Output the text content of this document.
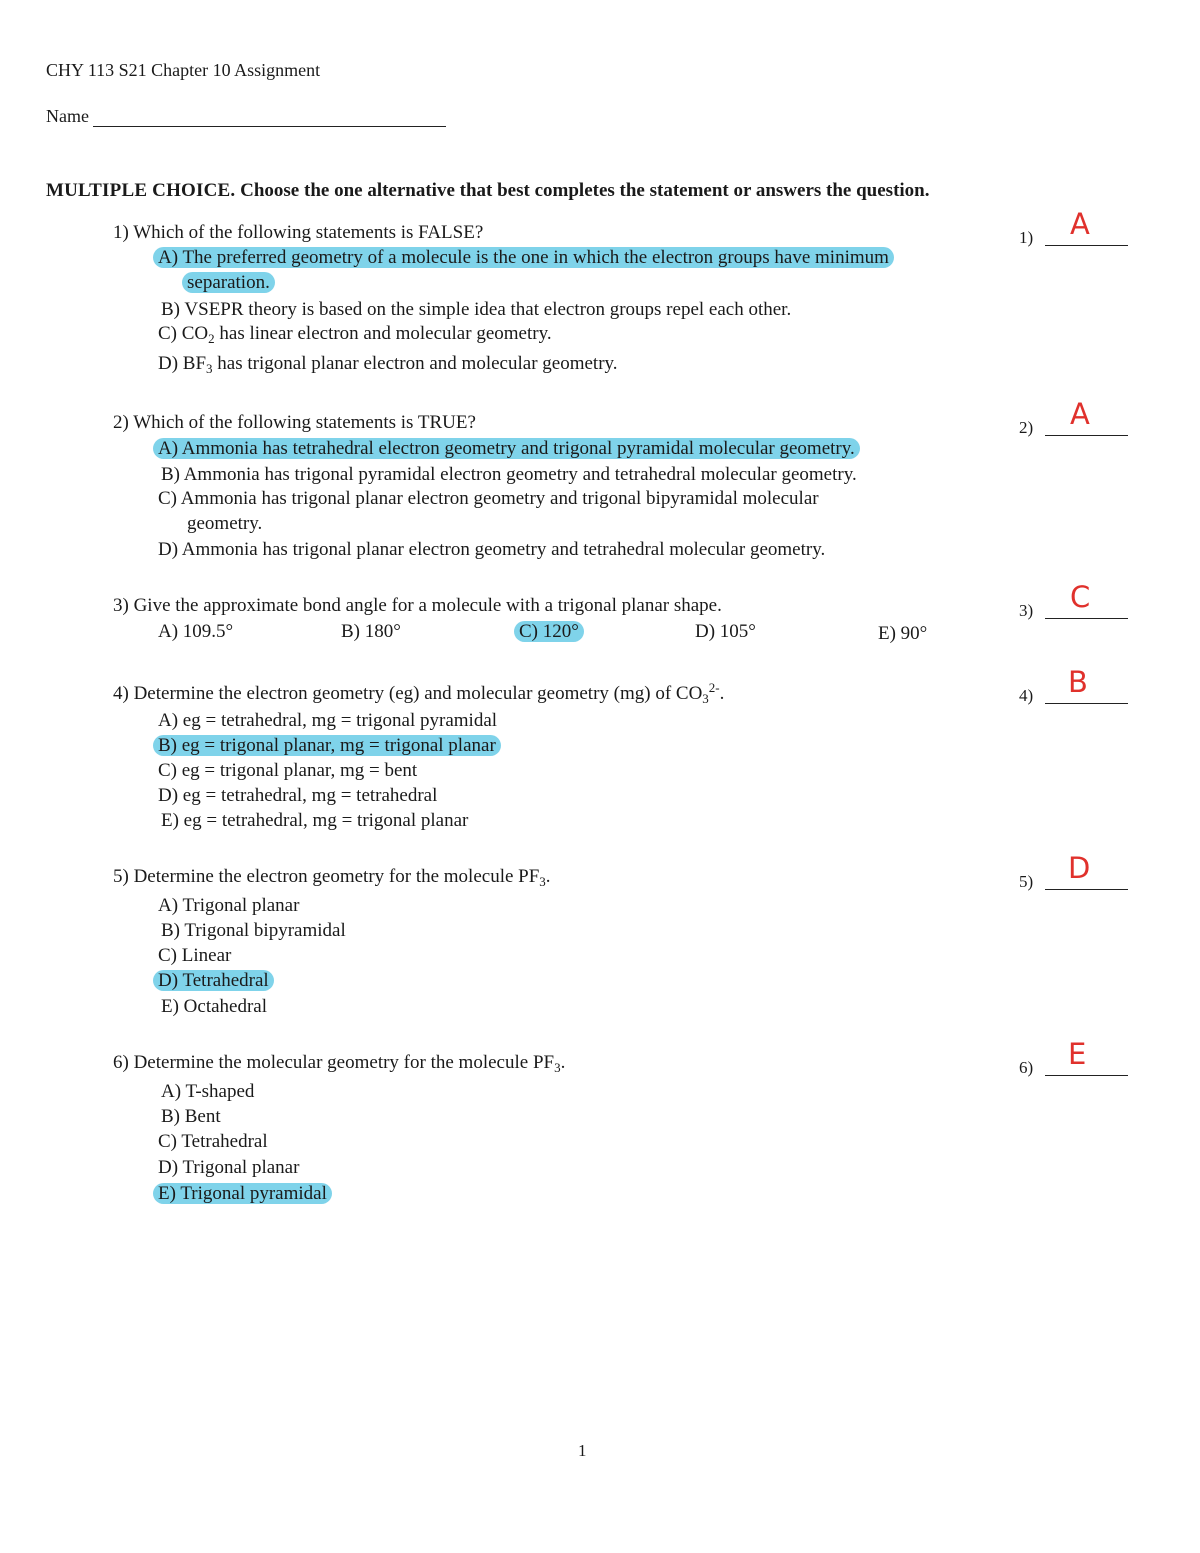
CHY 113 S21 Chapter 10 Assignment
Name
MULTIPLE CHOICE. Choose the one alternative that best completes the statement or answers the question.
1) Which of the following statements is FALSE?
A) The preferred geometry of a molecule is the one in which the electron groups have minimum
separation.
B) VSEPR theory is based on the simple idea that electron groups repel each other.
C) $CO_2$ has linear electron and molecular geometry.
D) $BF_3$ has trigonal planar electron and molecular geometry.
1) A
2) Which of the following statements is TRUE?
A) Ammonia has tetrahedral electron geometry and trigonal pyramidal molecular geometry.
B) Ammonia has trigonal pyramidal electron geometry and tetrahedral molecular geometry.
C) Ammonia has trigonal planar electron geometry and trigonal bipyramidal molecular
geometry.
D) Ammonia has trigonal planar electron geometry and tetrahedral molecular geometry.
2) A
3) Give the approximate bond angle for a molecule with a trigonal planar shape.
A) 109.5°	B) 180°	C) 120°	D) 105°	E) 90°
3) C
4) Determine the electron geometry (eg) and molecular geometry (mg) of $CO_3^{2-}$.
A) eg = tetrahedral, mg = trigonal pyramidal
B) eg = trigonal planar, mg = trigonal planar
C) eg = trigonal planar, mg = bent
D) eg = tetrahedral, mg = tetrahedral
E) eg = tetrahedral, mg = trigonal planar
4) B
5) Determine the electron geometry for the molecule $PF_3$.
A) Trigonal planar
B) Trigonal bipyramidal
C) Linear
D) Tetrahedral
E) Octahedral
5) D
6) Determine the molecular geometry for the molecule $PF_3$.
A) T-shaped
B) Bent
C) Tetrahedral
D) Trigonal planar
E) Trigonal pyramidal
6) E
1
